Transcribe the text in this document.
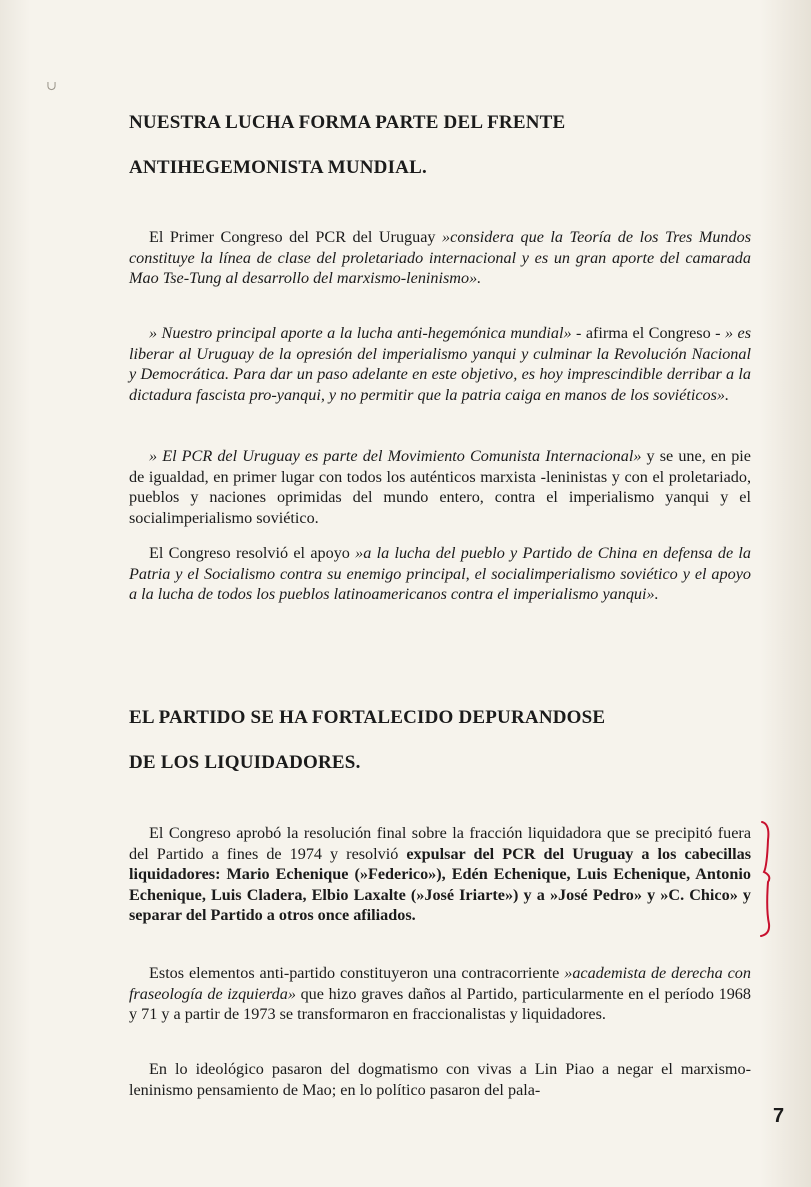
∪
NUESTRA LUCHA FORMA PARTE DEL FRENTE
ANTIHEGEMONISTA MUNDIAL.

El Primer Congreso del PCR del Uruguay »considera que la Teoría de los Tres Mundos constituye la línea de clase del proletariado internacional y es un gran aporte del camarada Mao Tse-Tung al desarrollo del marxismo-leninismo».

» Nuestro principal aporte a la lucha anti-hegemónica mundial» - afirma el Congreso - » es liberar al Uruguay de la opresión del imperialismo yanqui y culminar la Revolución Nacional y Democrática. Para dar un paso adelante en este objetivo, es hoy imprescindible derribar a la dictadura fascista pro-yanqui, y no permitir que la patria caiga en manos de los soviéticos».

» El PCR del Uruguay es parte del Movimiento Comunista Internacional» y se une, en pie de igualdad, en primer lugar con todos los auténticos marxista -leninistas y con el proletariado, pueblos y naciones oprimidas del mundo entero, contra el imperialismo yanqui y el socialimperialismo soviético.

El Congreso resolvió el apoyo »a la lucha del pueblo y Partido de China en defensa de la Patria y el Socialismo contra su enemigo principal, el socialimperialismo soviético y el apoyo a la lucha de todos los pueblos latinoamericanos contra el imperialismo yanqui».

EL PARTIDO SE HA FORTALECIDO DEPURANDOSE
DE LOS LIQUIDADORES.

El Congreso aprobó la resolución final sobre la fracción liquidadora que se precipitó fuera del Partido a fines de 1974 y resolvió expulsar del PCR del Uruguay a los cabecillas liquidadores: Mario Echenique (»Federico»), Edén Echenique, Luis Echenique, Antonio Echenique, Luis Cladera, Elbio Laxalte (»José Iriarte») y a »José Pedro» y »C. Chico» y separar del Partido a otros once afiliados.

Estos elementos anti-partido constituyeron una contracorriente »academista de derecha con fraseología de izquierda» que hizo graves daños al Partido, particularmente en el período 1968 y 71 y a partir de 1973 se transformaron en fraccionalistas y liquidadores.

En lo ideológico pasaron del dogmatismo con vivas a Lin Piao a negar el marxismo-leninismo pensamiento de Mao; en lo político pasaron del pala-

7
